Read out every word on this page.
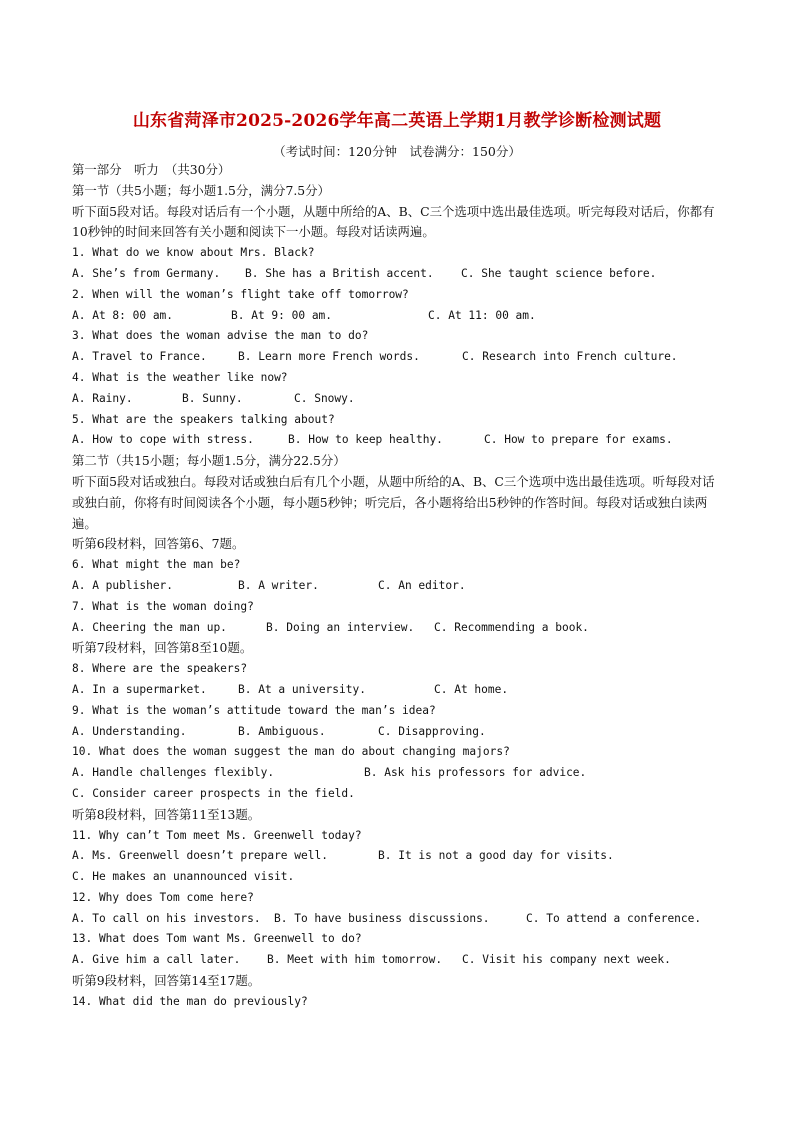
山东省菏泽市2025-2026学年高二英语上学期1月教学诊断检测试题
（考试时间：120分钟　试卷满分：150分）
第一部分　听力　（共30分）
第一节（共5小题；每小题1.5分，满分7.5分）
听下面5段对话。每段对话后有一个小题，从题中所给的A、B、C三个选项中选出最佳选项。听完每段对话后，你都有 10秒钟的时间来回答有关小题和阅读下一小题。每段对话读两遍。
1. What do we know about Mrs. Black?
A. She’s from Germany.	B. She has a British accent.	C. She taught science before.
2. When will the woman’s flight take off tomorrow?
A. At 8: 00 am.	B. At 9: 00 am.	C. At 11: 00 am.
3. What does the woman advise the man to do?
A. Travel to France.	B. Learn more French words.	C. Research into French culture.
4. What is the weather like now?
A. Rainy.	B. Sunny.	C. Snowy.
5. What are the speakers talking about?
A. How to cope with stress.	B. How to keep healthy.	C. How to prepare for exams.
第二节（共15小题；每小题1.5分，满分22.5分）
听下面5段对话或独白。每段对话或独白后有几个小题，从题中所给的A、B、C三个选项中选出最佳选项。听每段对话或独白前，你将有时间阅读各个小题，每小题5秒钟；听完后，各小题将给出5秒钟的作答时间。每段对话或独白读两遍。
听第6段材料，回答第6、7题。
6. What might the man be?
A. A publisher.	B. A writer.	C. An editor.
7. What is the woman doing?
A. Cheering the man up.	B. Doing an interview.	C. Recommending a book.
听第7段材料，回答第8至10题。
8. Where are the speakers?
A. In a supermarket.	B. At a university.	C. At home.
9. What is the woman’s attitude toward the man’s idea?
A. Understanding.	B. Ambiguous.	C. Disapproving.
10. What does the woman suggest the man do about changing majors?
A. Handle challenges flexibly.	B. Ask his professors for advice.
C. Consider career prospects in the field.
听第8段材料，回答第11至13题。
11. Why can’t Tom meet Ms. Greenwell today?
A. Ms. Greenwell doesn’t prepare well.	B. It is not a good day for visits.
C. He makes an unannounced visit.
12. Why does Tom come here?
A. To call on his investors.	B. To have business discussions.	C. To attend a conference.
13. What does Tom want Ms. Greenwell to do?
A. Give him a call later.	B. Meet with him tomorrow.	C. Visit his company next week.
听第9段材料，回答第14至17题。
14. What did the man do previously?
